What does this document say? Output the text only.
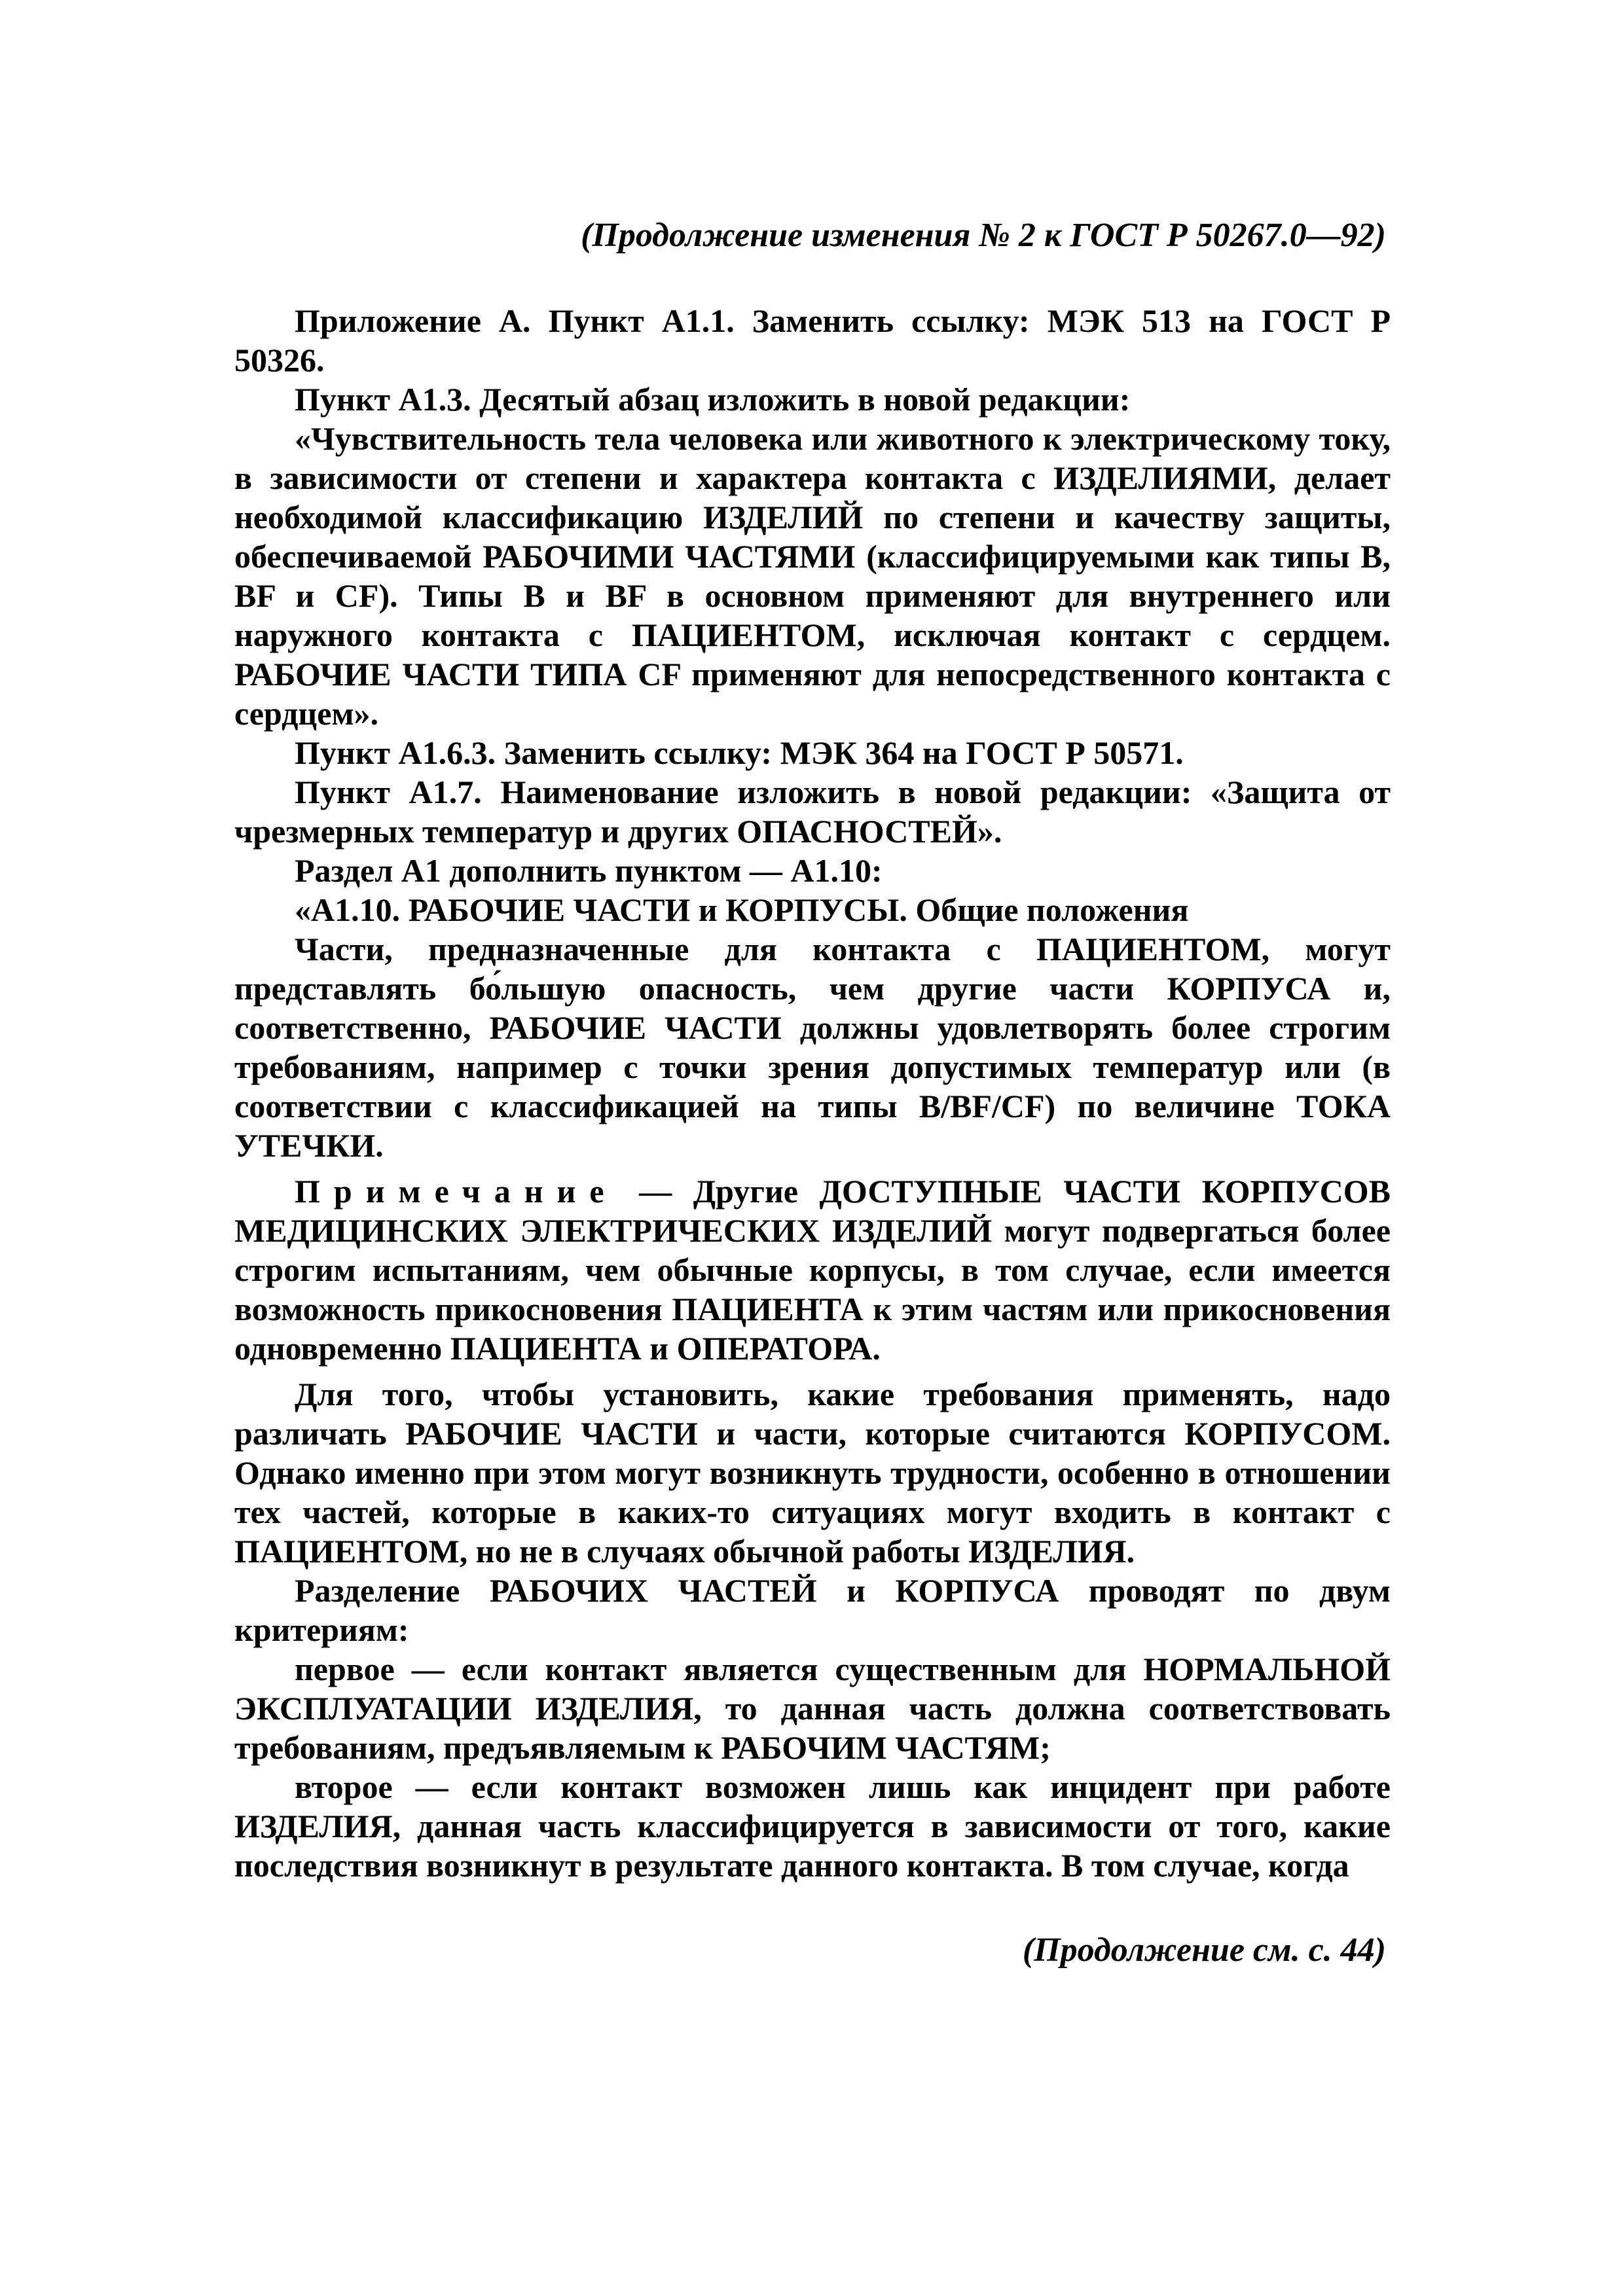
(Продолжение изменения № 2 к ГОСТ Р 50267.0—92)

Приложение А. Пункт А1.1. Заменить ссылку: МЭК 513 на ГОСТ Р 50326.

Пункт А1.3. Десятый абзац изложить в новой редакции:

«Чувствительность тела человека или животного к электрическому току, в зависимости от степени и характера контакта с ИЗДЕЛИЯМИ, делает необходимой классификацию ИЗДЕЛИЙ по степени и качеству защиты, обеспечиваемой РАБОЧИМИ ЧАСТЯМИ (классифицируемыми как типы В, BF и CF). Типы В и BF в основном применяют для внутреннего или наружного контакта с ПАЦИЕНТОМ, исключая контакт с сердцем. РАБОЧИЕ ЧАСТИ ТИПА CF применяют для непосредственного контакта с сердцем».

Пункт А1.6.3. Заменить ссылку: МЭК 364 на ГОСТ Р 50571.

Пункт А1.7. Наименование изложить в новой редакции: «Защита от чрезмерных температур и других ОПАСНОСТЕЙ».

Раздел А1 дополнить пунктом — А1.10:

«А1.10. РАБОЧИЕ ЧАСТИ и КОРПУСЫ. Общие положения

Части, предназначенные для контакта с ПАЦИЕНТОМ, могут представлять бо́льшую опасность, чем другие части КОРПУСА и, соответственно, РАБОЧИЕ ЧАСТИ должны удовлетворять более строгим требованиям, например с точки зрения допустимых температур или (в соответствии с классификацией на типы B/BF/CF) по величине ТОКА УТЕЧКИ.

Примечание — Другие ДОСТУПНЫЕ ЧАСТИ КОРПУСОВ МЕДИЦИНСКИХ ЭЛЕКТРИЧЕСКИХ ИЗДЕЛИЙ могут подвергаться более строгим испытаниям, чем обычные корпусы, в том случае, если имеется возможность прикосновения ПАЦИЕНТА к этим частям или прикосновения одновременно ПАЦИЕНТА и ОПЕРАТОРА.

Для того, чтобы установить, какие требования применять, надо различать РАБОЧИЕ ЧАСТИ и части, которые считаются КОРПУСОМ. Однако именно при этом могут возникнуть трудности, особенно в отношении тех частей, которые в каких-то ситуациях могут входить в контакт с ПАЦИЕНТОМ, но не в случаях обычной работы ИЗДЕЛИЯ.

Разделение РАБОЧИХ ЧАСТЕЙ и КОРПУСА проводят по двум критериям:

первое — если контакт является существенным для НОРМАЛЬНОЙ ЭКСПЛУАТАЦИИ ИЗДЕЛИЯ, то данная часть должна соответствовать требованиям, предъявляемым к РАБОЧИМ ЧАСТЯМ;

второе — если контакт возможен лишь как инцидент при работе ИЗДЕЛИЯ, данная часть классифицируется в зависимости от того, какие последствия возникнут в результате данного контакта. В том случае, когда

(Продолжение см. с. 44)
